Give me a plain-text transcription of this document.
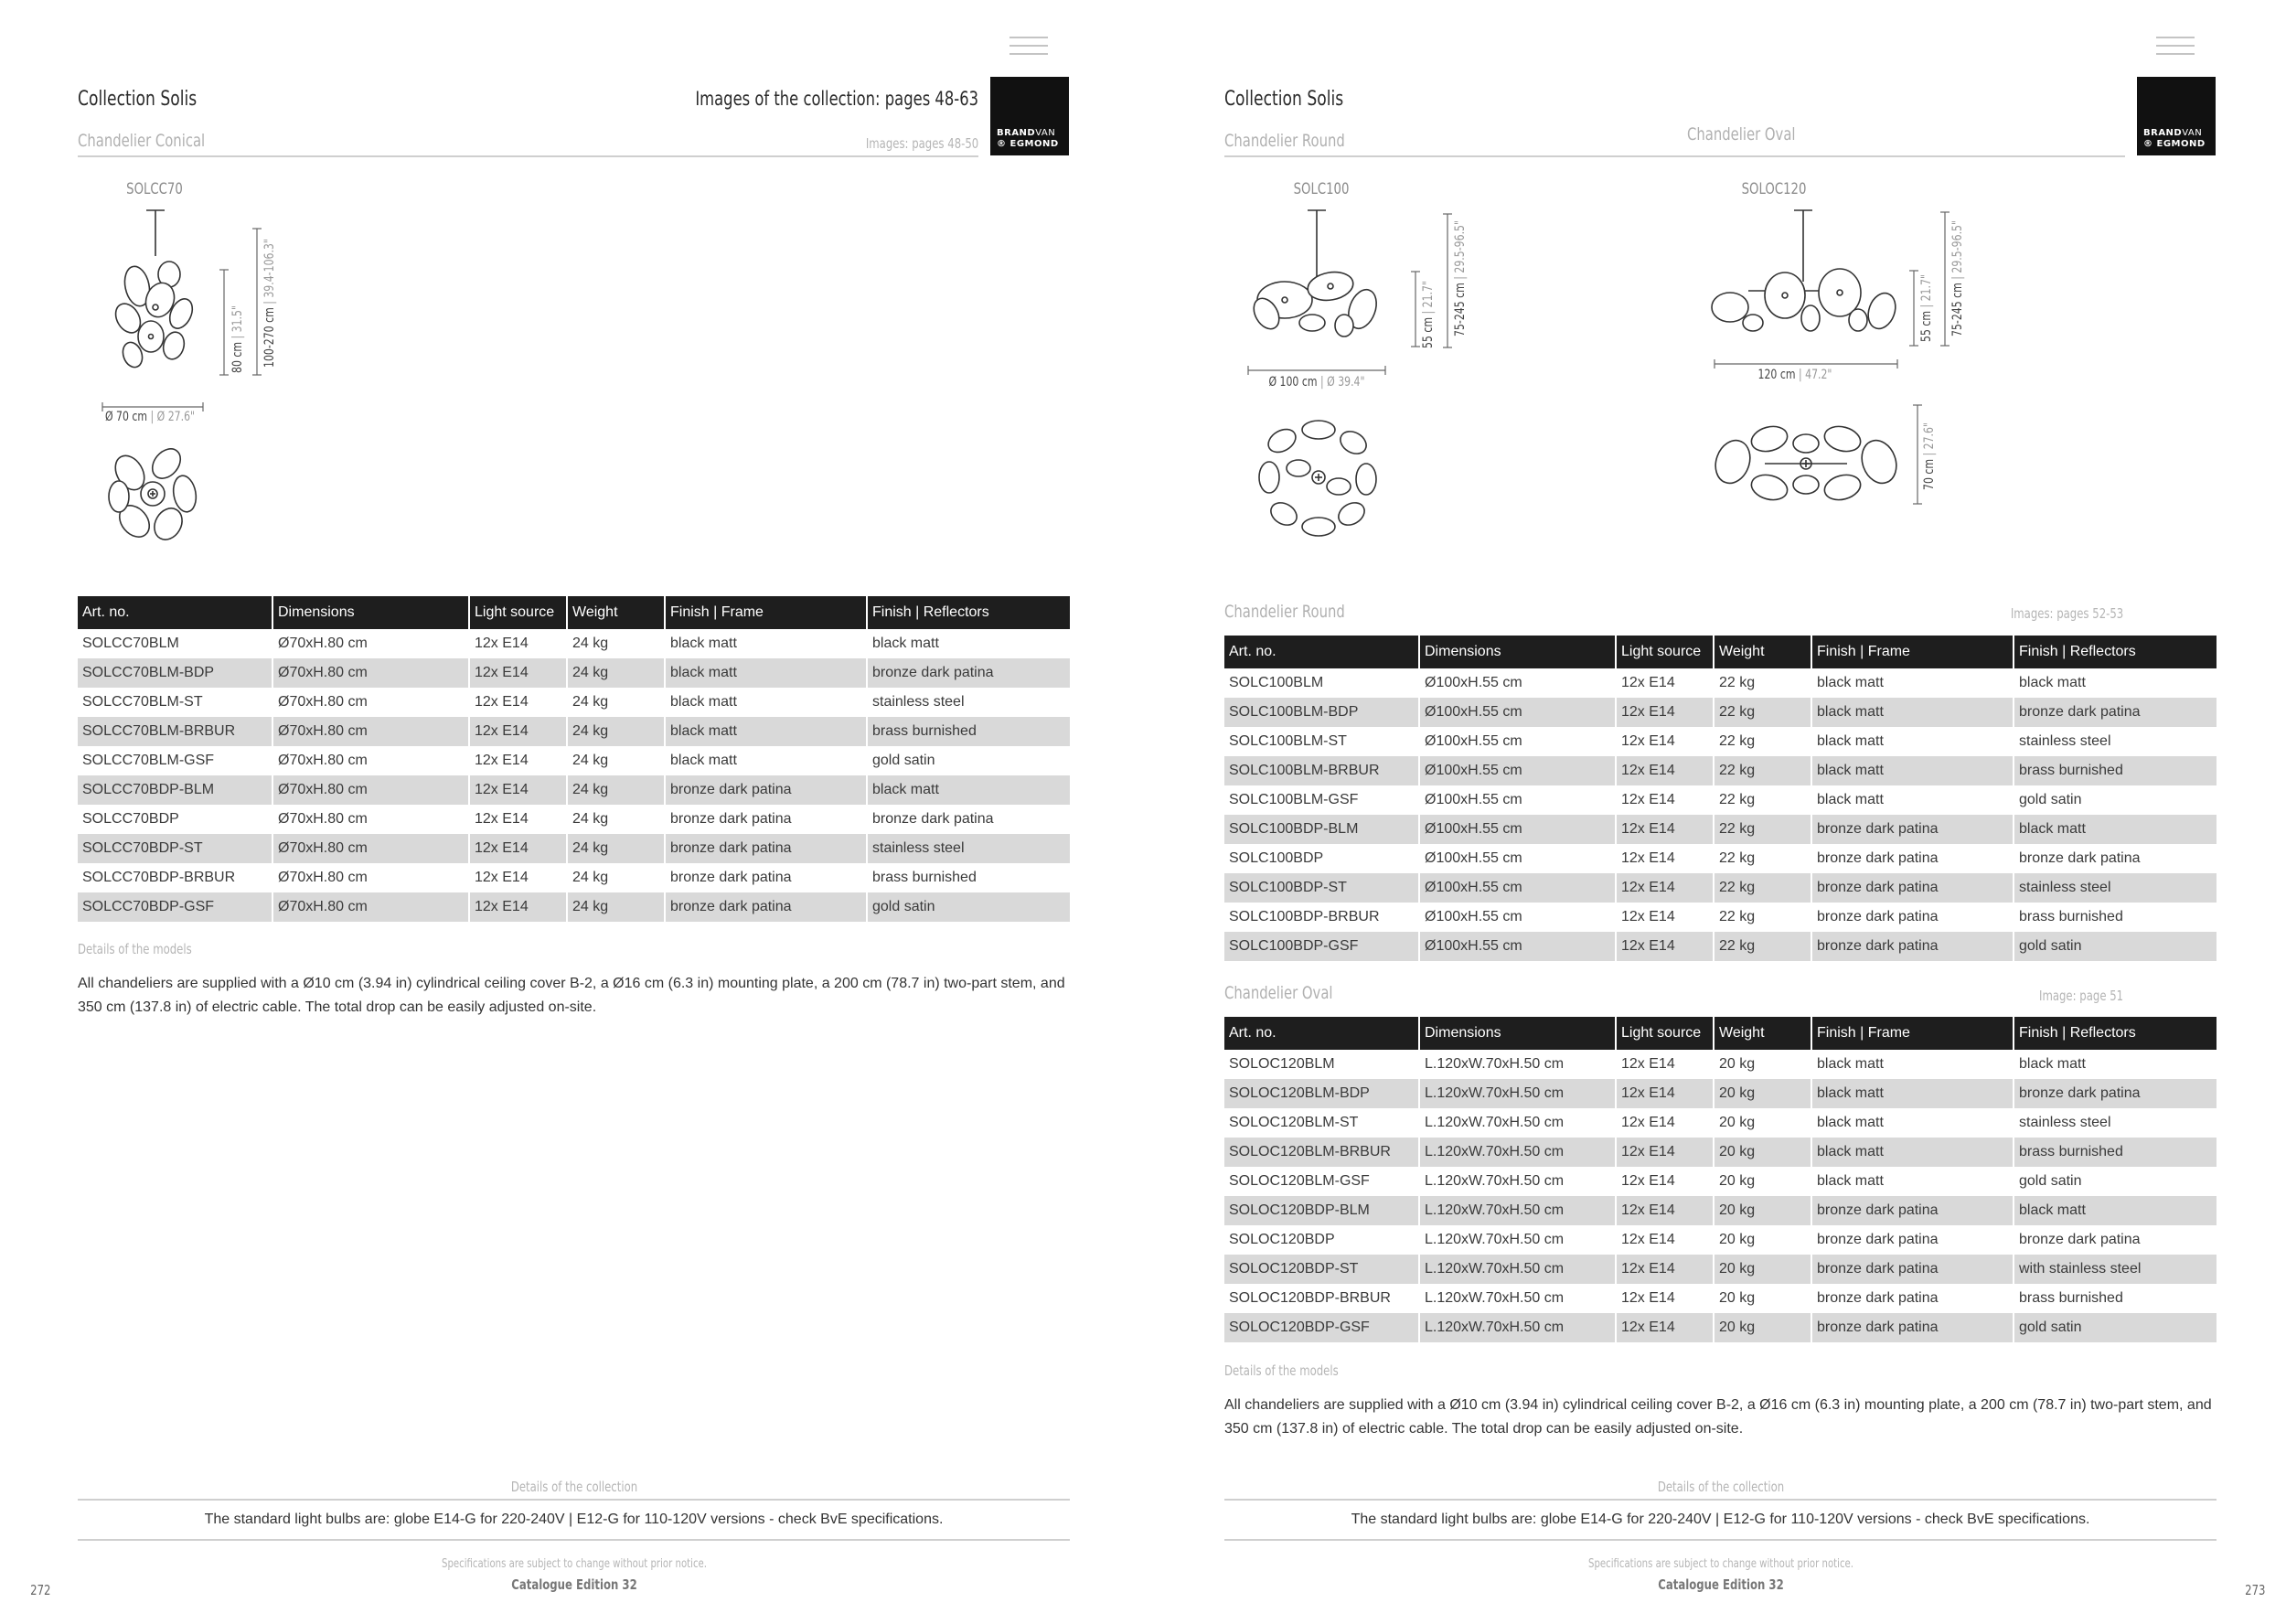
Collection Solis	Images of the collection: pages 48-63
Chandelier Conical	Images: pages 48-50
BRANDVAN
® EGMOND
SOLCC70
80 cm | 31.5" 100-270 cm | 39.4-106.3"
Ø 70 cm | Ø 27.6"
Art. no.	Dimensions	Light source	Weight	Finish | Frame	Finish | Reflectors
SOLCC70BLM	Ø70xH.80 cm	12x E14	24 kg	black matt	black matt
SOLCC70BLM-BDP	Ø70xH.80 cm	12x E14	24 kg	black matt	bronze dark patina
SOLCC70BLM-ST	Ø70xH.80 cm	12x E14	24 kg	black matt	stainless steel
SOLCC70BLM-BRBUR	Ø70xH.80 cm	12x E14	24 kg	black matt	brass burnished
SOLCC70BLM-GSF	Ø70xH.80 cm	12x E14	24 kg	black matt	gold satin
SOLCC70BDP-BLM	Ø70xH.80 cm	12x E14	24 kg	bronze dark patina	black matt
SOLCC70BDP	Ø70xH.80 cm	12x E14	24 kg	bronze dark patina	bronze dark patina
SOLCC70BDP-ST	Ø70xH.80 cm	12x E14	24 kg	bronze dark patina	stainless steel
SOLCC70BDP-BRBUR	Ø70xH.80 cm	12x E14	24 kg	bronze dark patina	brass burnished
SOLCC70BDP-GSF	Ø70xH.80 cm	12x E14	24 kg	bronze dark patina	gold satin
Details of the models
All chandeliers are supplied with a Ø10 cm (3.94 in) cylindrical ceiling cover B-2, a Ø16 cm (6.3 in) mounting plate, a 200 cm (78.7 in) two-part stem, and 350 cm (137.8 in) of electric cable. The total drop can be easily adjusted on-site.
Details of the collection
The standard light bulbs are: globe E14-G for 220-240V | E12-G for 110-120V versions - check BvE specifications.
Specifications are subject to change without prior notice.
Catalogue Edition 32
272
Collection Solis
Chandelier Round	Chandelier Oval	BRANDVAN
® EGMOND
SOLC100
Ø 100 cm | Ø 39.4"
55 cm | 21.7" 75-245 cm | 29.5-96.5"
SOLOC120
120 cm | 47.2"
55 cm | 21.7" 75-245 cm | 29.5-96.5"
70 cm | 27.6"
Chandelier Round	Images: pages 52-53
Art. no.	Dimensions	Light source	Weight	Finish | Frame	Finish | Reflectors
SOLC100BLM	Ø100xH.55 cm	12x E14	22 kg	black matt	black matt
SOLC100BLM-BDP	Ø100xH.55 cm	12x E14	22 kg	black matt	bronze dark patina
SOLC100BLM-ST	Ø100xH.55 cm	12x E14	22 kg	black matt	stainless steel
SOLC100BLM-BRBUR	Ø100xH.55 cm	12x E14	22 kg	black matt	brass burnished
SOLC100BLM-GSF	Ø100xH.55 cm	12x E14	22 kg	black matt	gold satin
SOLC100BDP-BLM	Ø100xH.55 cm	12x E14	22 kg	bronze dark patina	black matt
SOLC100BDP	Ø100xH.55 cm	12x E14	22 kg	bronze dark patina	bronze dark patina
SOLC100BDP-ST	Ø100xH.55 cm	12x E14	22 kg	bronze dark patina	stainless steel
SOLC100BDP-BRBUR	Ø100xH.55 cm	12x E14	22 kg	bronze dark patina	brass burnished
SOLC100BDP-GSF	Ø100xH.55 cm	12x E14	22 kg	bronze dark patina	gold satin
Chandelier Oval	Image: page 51
Art. no.	Dimensions	Light source	Weight	Finish | Frame	Finish | Reflectors
SOLOC120BLM	L.120xW.70xH.50 cm	12x E14	20 kg	black matt	black matt
SOLOC120BLM-BDP	L.120xW.70xH.50 cm	12x E14	20 kg	black matt	bronze dark patina
SOLOC120BLM-ST	L.120xW.70xH.50 cm	12x E14	20 kg	black matt	stainless steel
SOLOC120BLM-BRBUR	L.120xW.70xH.50 cm	12x E14	20 kg	black matt	brass burnished
SOLOC120BLM-GSF	L.120xW.70xH.50 cm	12x E14	20 kg	black matt	gold satin
SOLOC120BDP-BLM	L.120xW.70xH.50 cm	12x E14	20 kg	bronze dark patina	black matt
SOLOC120BDP	L.120xW.70xH.50 cm	12x E14	20 kg	bronze dark patina	bronze dark patina
SOLOC120BDP-ST	L.120xW.70xH.50 cm	12x E14	20 kg	bronze dark patina	with stainless steel
SOLOC120BDP-BRBUR	L.120xW.70xH.50 cm	12x E14	20 kg	bronze dark patina	brass burnished
SOLOC120BDP-GSF	L.120xW.70xH.50 cm	12x E14	20 kg	bronze dark patina	gold satin
Details of the models
All chandeliers are supplied with a Ø10 cm (3.94 in) cylindrical ceiling cover B-2, a Ø16 cm (6.3 in) mounting plate, a 200 cm (78.7 in) two-part stem, and 350 cm (137.8 in) of electric cable. The total drop can be easily adjusted on-site.
Details of the collection
The standard light bulbs are: globe E14-G for 220-240V | E12-G for 110-120V versions - check BvE specifications.
Specifications are subject to change without prior notice.
Catalogue Edition 32	273
